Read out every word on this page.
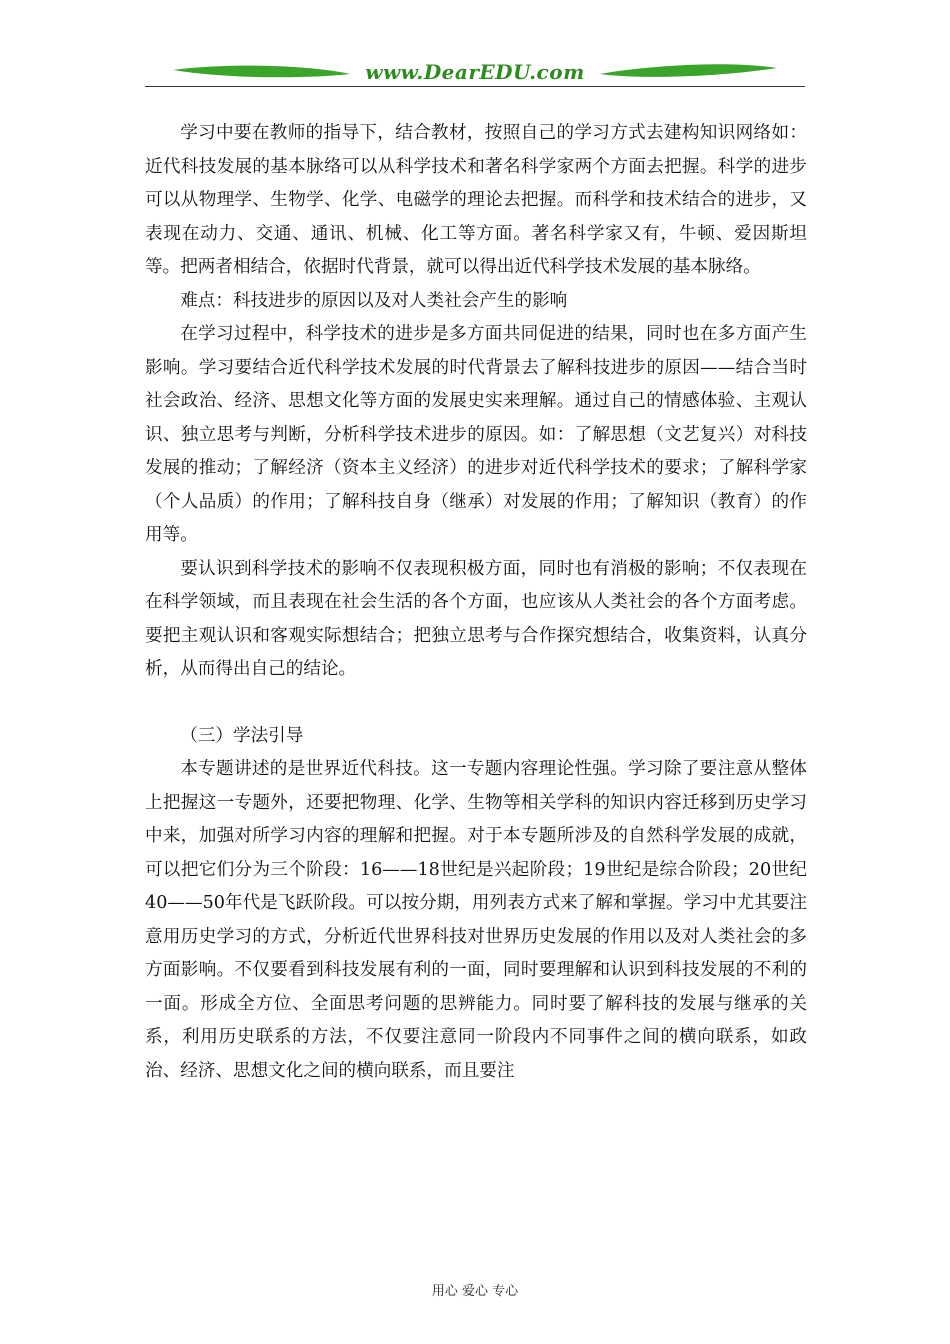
www.DearEDU.com

学习中要在教师的指导下，结合教材，按照自己的学习方式去建构知识网络如：近代科技发展的基本脉络可以从科学技术和著名科学家两个方面去把握。科学的进步可以从物理学、生物学、化学、电磁学的理论去把握。而科学和技术结合的进步，又表现在动力、交通、通讯、机械、化工等方面。著名科学家又有，牛顿、爱因斯坦等。把两者相结合，依据时代背景，就可以得出近代科学技术发展的基本脉络。

难点：科技进步的原因以及对人类社会产生的影响

在学习过程中，科学技术的进步是多方面共同促进的结果，同时也在多方面产生影响。学习要结合近代科学技术发展的时代背景去了解科技进步的原因——结合当时社会政治、经济、思想文化等方面的发展史实来理解。通过自己的情感体验、主观认识、独立思考与判断，分析科学技术进步的原因。如：了解思想（文艺复兴）对科技发展的推动；了解经济（资本主义经济）的进步对近代科学技术的要求；了解科学家（个人品质）的作用；了解科技自身（继承）对发展的作用；了解知识（教育）的作用等。

要认识到科学技术的影响不仅表现积极方面，同时也有消极的影响；不仅表现在在科学领域，而且表现在社会生活的各个方面，也应该从人类社会的各个方面考虑。要把主观认识和客观实际想结合；把独立思考与合作探究想结合，收集资料，认真分析，从而得出自己的结论。

（三）学法引导

本专题讲述的是世界近代科技。这一专题内容理论性强。学习除了要注意从整体上把握这一专题外，还要把物理、化学、生物等相关学科的知识内容迁移到历史学习中来，加强对所学习内容的理解和把握。对于本专题所涉及的自然科学发展的成就，可以把它们分为三个阶段：16——18世纪是兴起阶段；19世纪是综合阶段；20世纪40——50年代是飞跃阶段。可以按分期，用列表方式来了解和掌握。学习中尤其要注意用历史学习的方式，分析近代世界科技对世界历史发展的作用以及对人类社会的多方面影响。不仅要看到科技发展有利的一面，同时要理解和认识到科技发展的不利的一面。形成全方位、全面思考问题的思辨能力。同时要了解科技的发展与继承的关系，利用历史联系的方法，不仅要注意同一阶段内不同事件之间的横向联系，如政治、经济、思想文化之间的横向联系，而且要注

用心 爱心 专心
